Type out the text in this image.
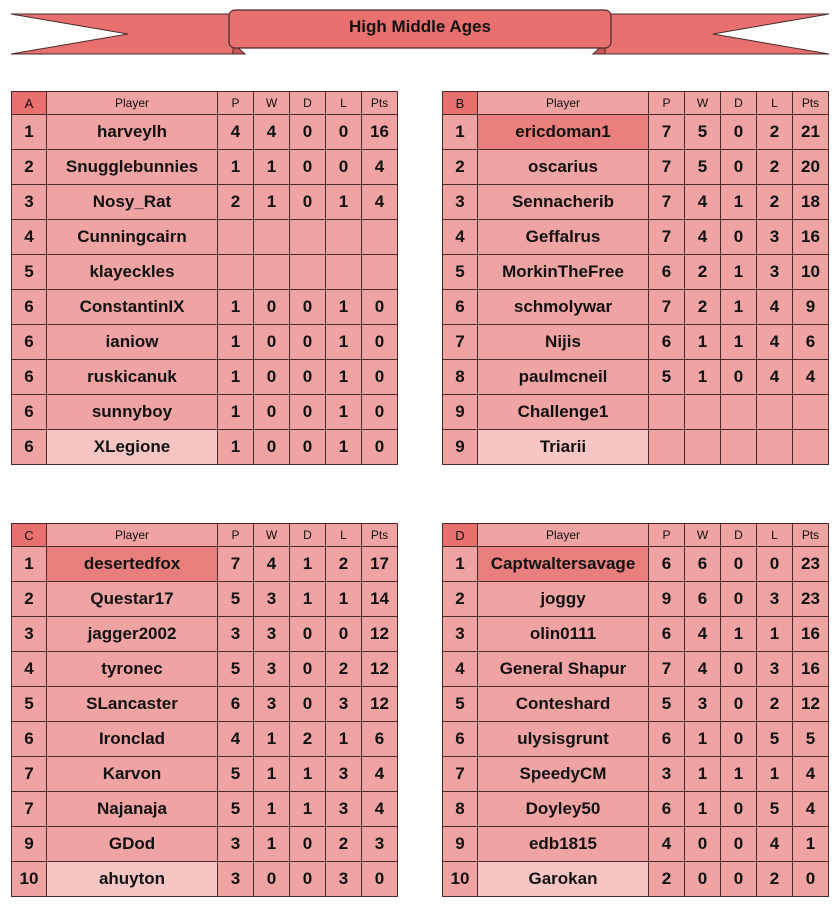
High Middle Ages
A	Player	P	W	D	L	Pts
1	harveylh	4	4	0	0	16
2	Snugglebunnies	1	1	0	0	4
3	Nosy_Rat	2	1	0	1	4
4	Cunningcairn					
5	klayeckles					
6	ConstantinIX	1	0	0	1	0
6	ianiow	1	0	0	1	0
6	ruskicanuk	1	0	0	1	0
6	sunnyboy	1	0	0	1	0
6	XLegione	1	0	0	1	0
B	Player	P	W	D	L	Pts
1	ericdoman1	7	5	0	2	21
2	oscarius	7	5	0	2	20
3	Sennacherib	7	4	1	2	18
4	Geffalrus	7	4	0	3	16
5	MorkinTheFree	6	2	1	3	10
6	schmolywar	7	2	1	4	9
7	Nijis	6	1	1	4	6
8	paulmcneil	5	1	0	4	4
9	Challenge1					
9	Triarii					
C	Player	P	W	D	L	Pts
1	desertedfox	7	4	1	2	17
2	Questar17	5	3	1	1	14
3	jagger2002	3	3	0	0	12
4	tyronec	5	3	0	2	12
5	SLancaster	6	3	0	3	12
6	Ironclad	4	1	2	1	6
7	Karvon	5	1	1	3	4
7	Najanaja	5	1	1	3	4
9	GDod	3	1	0	2	3
10	ahuyton	3	0	0	3	0
D	Player	P	W	D	L	Pts
1	Captwaltersavage	6	6	0	0	23
2	joggy	9	6	0	3	23
3	olin0111	6	4	1	1	16
4	General Shapur	7	4	0	3	16
5	Conteshard	5	3	0	2	12
6	ulysisgrunt	6	1	0	5	5
7	SpeedyCM	3	1	1	1	4
8	Doyley50	6	1	0	5	4
9	edb1815	4	0	0	4	1
10	Garokan	2	0	0	2	0
